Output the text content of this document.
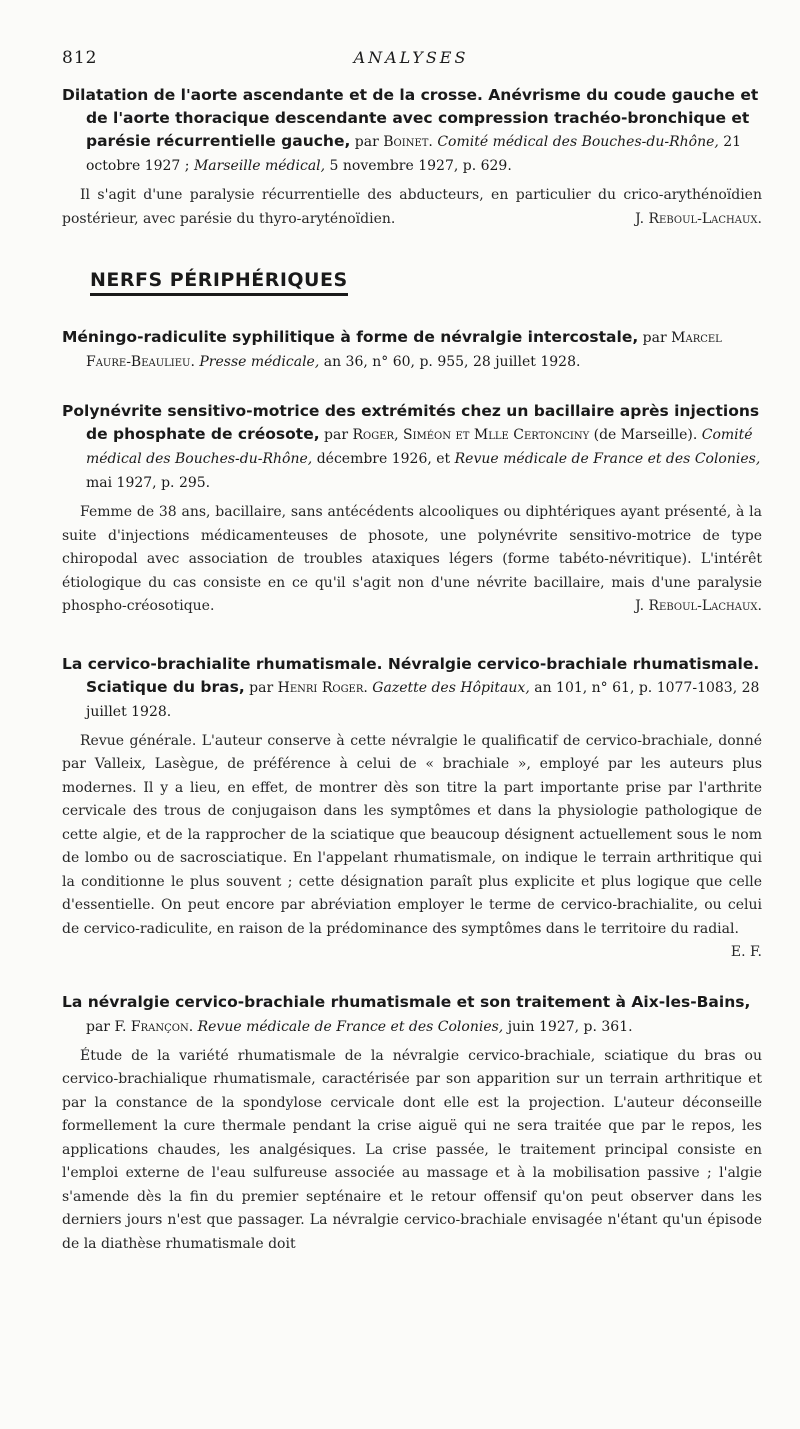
812	ANALYSES

Dilatation de l'aorte ascendante et de la crosse. Anévrisme du coude gauche et de l'aorte thoracique descendante avec compression trachéo-bronchique et parésie récurrentielle gauche, par Boinet. Comité médical des Bouches-du-Rhône, 21 octobre 1927 ; Marseille médical, 5 novembre 1927, p. 629.

Il s'agit d'une paralysie récurrentielle des abducteurs, en particulier du crico-arythénoïdien postérieur, avec parésie du thyro-aryténoïdien.	J. Reboul-Lachaux.

NERFS PÉRIPHÉRIQUES

Méningo-radiculite syphilitique à forme de névralgie intercostale, par Marcel Faure-Beaulieu. Presse médicale, an 36, n° 60, p. 955, 28 juillet 1928.

Polynévrite sensitivo-motrice des extrémités chez un bacillaire après injections de phosphate de créosote, par Roger, Siméon et Mlle Certonciny (de Marseille). Comité médical des Bouches-du-Rhône, décembre 1926, et Revue médicale de France et des Colonies, mai 1927, p. 295.

Femme de 38 ans, bacillaire, sans antécédents alcooliques ou diphtériques ayant présenté, à la suite d'injections médicamenteuses de phosote, une polynévrite sensitivo-motrice de type chiropodal avec association de troubles ataxiques légers (forme tabéto-névritique). L'intérêt étiologique du cas consiste en ce qu'il s'agit non d'une névrite bacillaire, mais d'une paralysie phospho-créosotique.	J. Reboul-Lachaux.

La cervico-brachialite rhumatismale. Névralgie cervico-brachiale rhumatismale. Sciatique du bras, par Henri Roger. Gazette des Hôpitaux, an 101, n° 61, p. 1077-1083, 28 juillet 1928.

Revue générale. L'auteur conserve à cette névralgie le qualificatif de cervico-brachiale, donné par Valleix, Lasègue, de préférence à celui de « brachiale », employé par les auteurs plus modernes. Il y a lieu, en effet, de montrer dès son titre la part importante prise par l'arthrite cervicale des trous de conjugaison dans les symptômes et dans la physiologie pathologique de cette algie, et de la rapprocher de la sciatique que beaucoup désignent actuellement sous le nom de lombo ou de sacrosciatique. En l'appelant rhumatismale, on indique le terrain arthritique qui la conditionne le plus souvent ; cette désignation paraît plus explicite et plus logique que celle d'essentielle. On peut encore par abréviation employer le terme de cervico-brachialite, ou celui de cervico-radiculite, en raison de la prédominance des symptômes dans le territoire du radial.
E. F.

La névralgie cervico-brachiale rhumatismale et son traitement à Aix-les-Bains, par F. Françon. Revue médicale de France et des Colonies, juin 1927, p. 361.

Étude de la variété rhumatismale de la névralgie cervico-brachiale, sciatique du bras ou cervico-brachialique rhumatismale, caractérisée par son apparition sur un terrain arthritique et par la constance de la spondylose cervicale dont elle est la projection. L'auteur déconseille formellement la cure thermale pendant la crise aiguë qui ne sera traitée que par le repos, les applications chaudes, les analgésiques. La crise passée, le traitement principal consiste en l'emploi externe de l'eau sulfureuse associée au massage et à la mobilisation passive ; l'algie s'amende dès la fin du premier septénaire et le retour offensif qu'on peut observer dans les derniers jours n'est que passager. La névralgie cervico-brachiale envisagée n'étant qu'un épisode de la diathèse rhumatismale doit
